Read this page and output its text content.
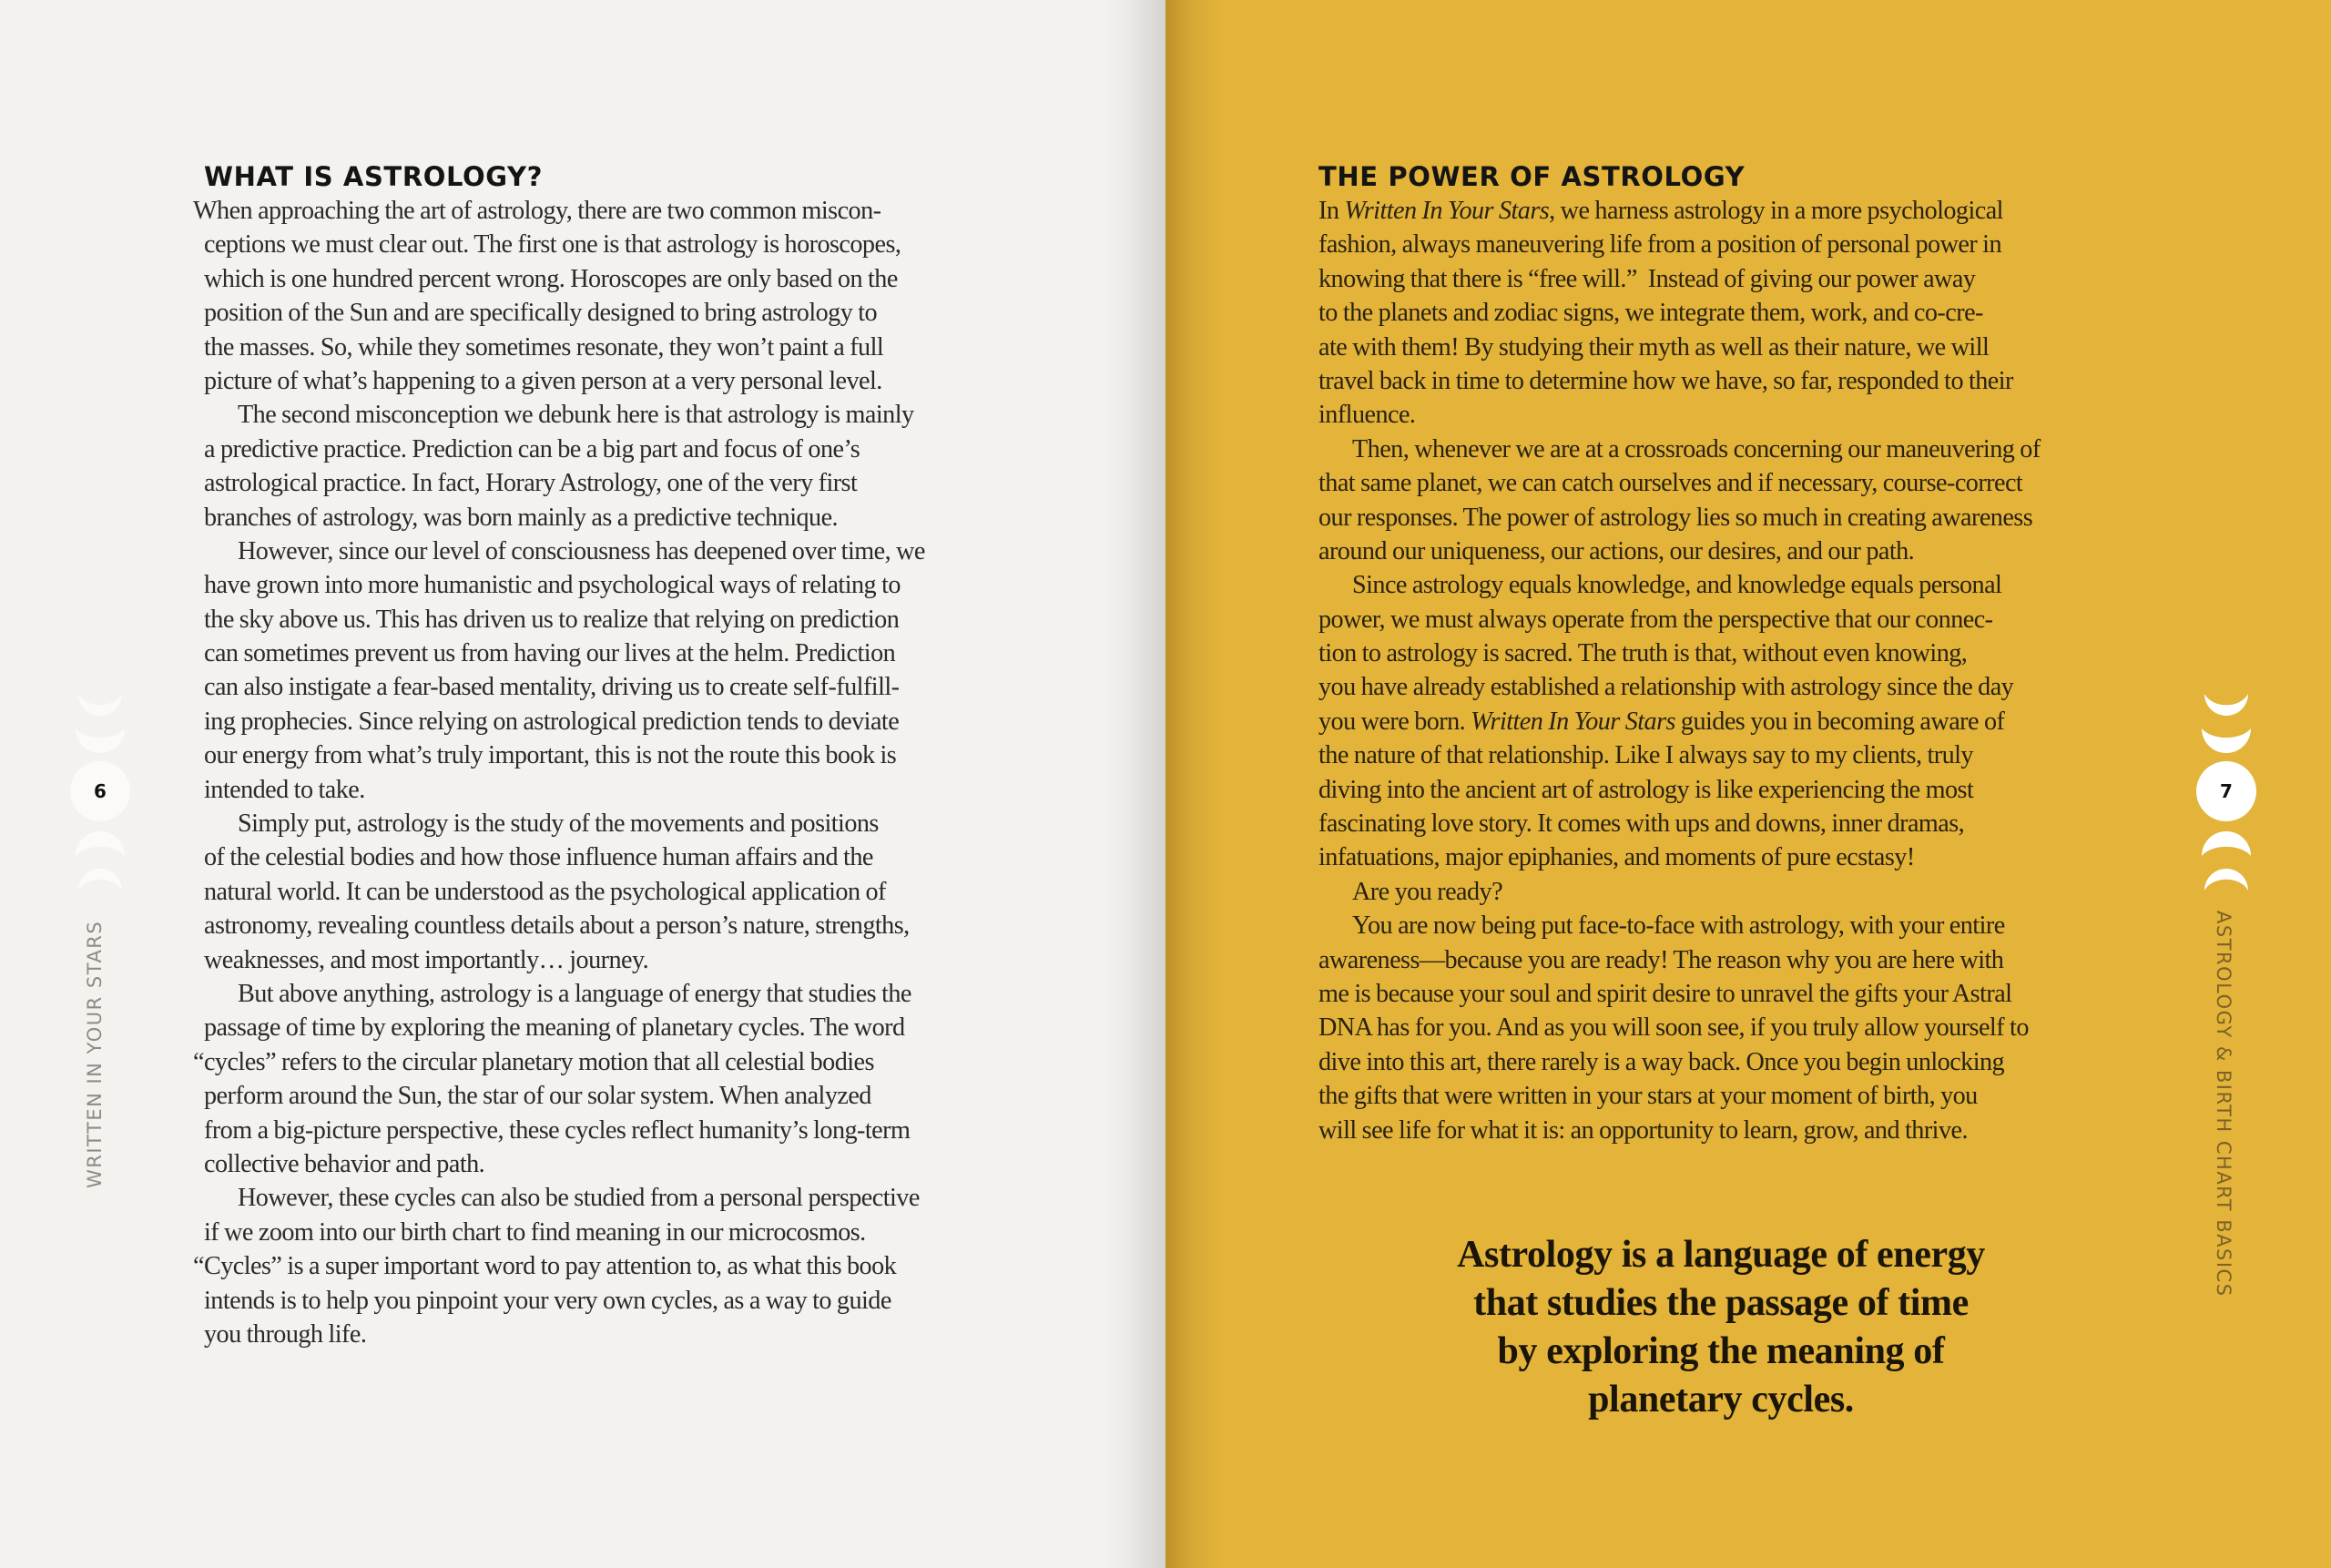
WHAT IS ASTROLOGY?
When approaching the art of astrology, there are two common miscon-
ceptions we must clear out. The first one is that astrology is horoscopes,
which is one hundred percent wrong. Horoscopes are only based on the
position of the Sun and are specifically designed to bring astrology to
the masses. So, while they sometimes resonate, they won’t paint a full
picture of what’s happening to a given person at a very personal level.
The second misconception we debunk here is that astrology is mainly
a predictive practice. Prediction can be a big part and focus of one’s
astrological practice. In fact, Horary Astrology, one of the very first
branches of astrology, was born mainly as a predictive technique.
However, since our level of consciousness has deepened over time, we
have grown into more humanistic and psychological ways of relating to
the sky above us. This has driven us to realize that relying on prediction
can sometimes prevent us from having our lives at the helm. Prediction
can also instigate a fear-based mentality, driving us to create self-fulfill-
ing prophecies. Since relying on astrological prediction tends to deviate
our energy from what’s truly important, this is not the route this book is
intended to take.
Simply put, astrology is the study of the movements and positions
of the celestial bodies and how those influence human affairs and the
natural world. It can be understood as the psychological application of
astronomy, revealing countless details about a person’s nature, strengths,
weaknesses, and most importantly… journey.
But above anything, astrology is a language of energy that studies the
passage of time by exploring the meaning of planetary cycles. The word
“cycles” refers to the circular planetary motion that all celestial bodies
perform around the Sun, the star of our solar system. When analyzed
from a big-picture perspective, these cycles reflect humanity’s long-term
collective behavior and path.
However, these cycles can also be studied from a personal perspective
if we zoom into our birth chart to find meaning in our microcosmos.
“Cycles” is a super important word to pay attention to, as what this book
intends is to help you pinpoint your very own cycles, as a way to guide
you through life.
6
WRITTEN IN YOUR STARS
THE POWER OF ASTROLOGY
In Written In Your Stars, we harness astrology in a more psychological
fashion, always maneuvering life from a position of personal power in
knowing that there is “free will.”  Instead of giving our power away
to the planets and zodiac signs, we integrate them, work, and co-cre-
ate with them! By studying their myth as well as their nature, we will
travel back in time to determine how we have, so far, responded to their
influence.
Then, whenever we are at a crossroads concerning our maneuvering of
that same planet, we can catch ourselves and if necessary, course-correct
our responses. The power of astrology lies so much in creating awareness
around our uniqueness, our actions, our desires, and our path.
Since astrology equals knowledge, and knowledge equals personal
power, we must always operate from the perspective that our connec-
tion to astrology is sacred. The truth is that, without even knowing,
you have already established a relationship with astrology since the day
you were born. Written In Your Stars guides you in becoming aware of
the nature of that relationship. Like I always say to my clients, truly
diving into the ancient art of astrology is like experiencing the most
fascinating love story. It comes with ups and downs, inner dramas,
infatuations, major epiphanies, and moments of pure ecstasy!
Are you ready?
You are now being put face-to-face with astrology, with your entire
awareness—because you are ready! The reason why you are here with
me is because your soul and spirit desire to unravel the gifts your Astral
DNA has for you. And as you will soon see, if you truly allow yourself to
dive into this art, there rarely is a way back. Once you begin unlocking
the gifts that were written in your stars at your moment of birth, you
will see life for what it is: an opportunity to learn, grow, and thrive.
Astrology is a language of energy
that studies the passage of time
by exploring the meaning of
planetary cycles.
7
ASTROLOGY & BIRTH CHART BASICS
